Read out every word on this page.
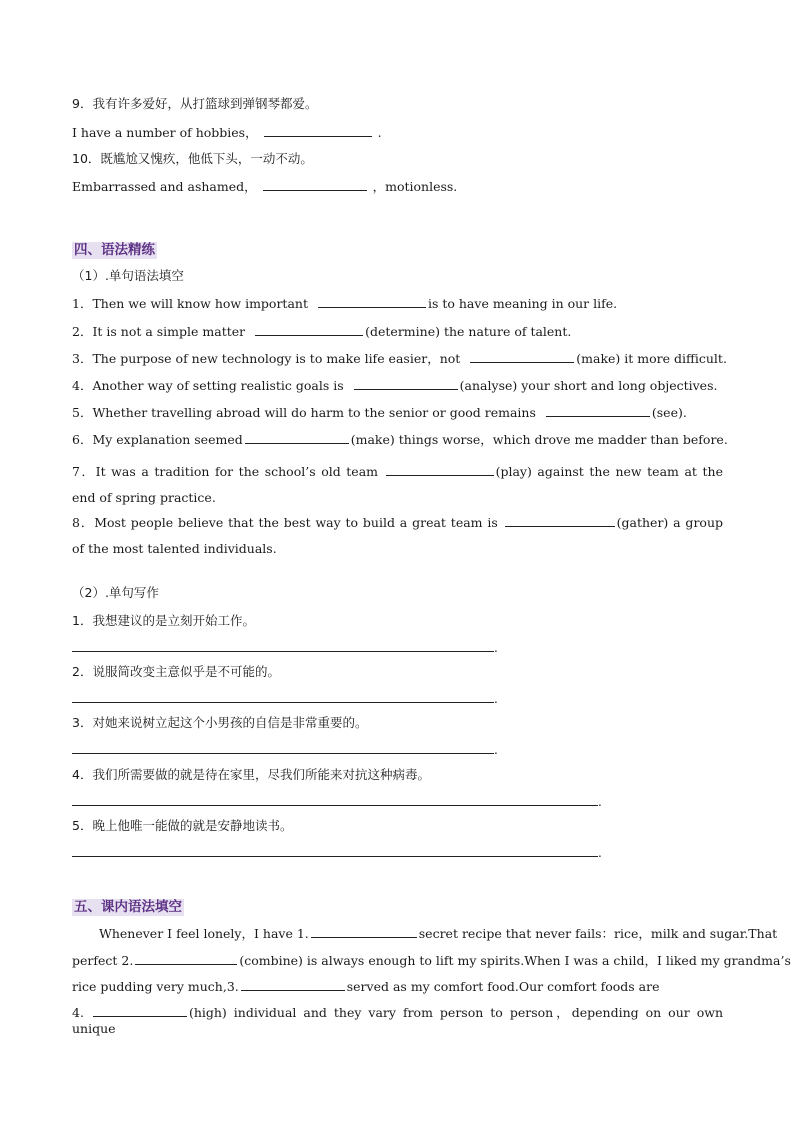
9．我有许多爱好，从打篮球到弹钢琴都爱。
I have a number of hobbies，	.
10．既尴尬又愧疚，他低下头，一动不动。
Embarrassed and ashamed，	，motionless.
四、语法精练
（1）.单句语法填空
1．Then we will know how important	is to have meaning in our life.
2．It is not a simple matter	(determine) the nature of talent.
3．The purpose of new technology is to make life easier，not	(make) it more difficult.
4．Another way of setting realistic goals is	(analyse) your short and long objectives.
5．Whether travelling abroad will do harm to the senior or good remains	(see).
6．My explanation seemed	(make) things worse，which drove me madder than before.
7．It was a tradition for the school’s old team	(play) against the new team at the end of spring practice.
8．Most people believe that the best way to build a great team is	(gather) a group of the most talented individuals.
（2）.单句写作
1．我想建议的是立刻开始工作。
.
2．说服简改变主意似乎是不可能的。
.
3．对她来说树立起这个小男孩的自信是非常重要的。
.
4．我们所需要做的就是待在家里，尽我们所能来对抗这种病毒。
.
5．晚上他唯一能做的就是安静地读书。
.
五、课内语法填空
Whenever I feel lonely，I have 1.	secret recipe that never fails：rice，milk and sugar.That
perfect 2.	(combine) is always enough to lift my spirits.When I was a child，I liked my grandma’s
rice pudding very much,3.	served as my comfort food.Our comfort foods are
4.	(high) individual and they vary from person to person，depending on our own unique
